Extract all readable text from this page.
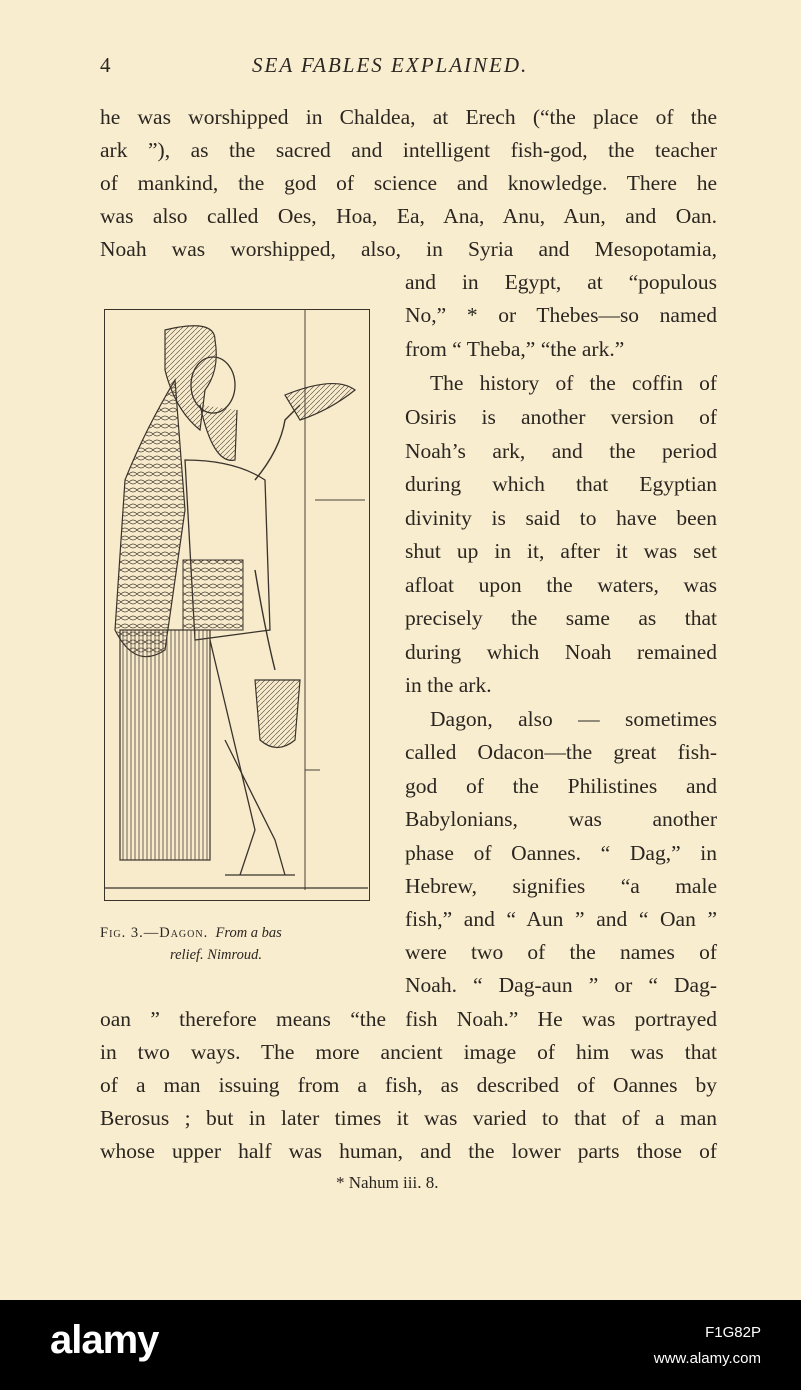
4	SEA FABLES EXPLAINED.
he was worshipped in Chaldea, at Erech (“the place of the
ark ”), as the sacred and intelligent fish-god, the teacher
of mankind, the god of science and knowledge. There he
was also called Oes, Hoa, Ea, Ana, Anu, Aun, and Oan.
Noah was worshipped, also, in Syria and Mesopotamia,
and in Egypt, at “populous
No,” * or Thebes—so named
from “ Theba,” “the ark.”
The history of the coffin of
Osiris is another version of
Noah’s ark, and the period
during which that Egyptian
divinity is said to have been
shut up in it, after it was set
afloat upon the waters, was
precisely the same as that
during which Noah remained
in the ark.
Dagon, also — sometimes
called Odacon—the great fish-
god of the Philistines and
Babylonians, was another
phase of Oannes. “ Dag,” in
Hebrew, signifies “a male
fish,” and “ Aun ” and “ Oan ”
were two of the names of
Noah. “ Dag-aun ” or “ Dag-
oan ” therefore means “the fish Noah.” He was portrayed
in two ways. The more ancient image of him was that
of a man issuing from a fish, as described of Oannes by
Berosus ; but in later times it was varied to that of a man
whose upper half was human, and the lower parts those of
Fig. 3.—Dagon. From a bas
relief. Nimroud.
* Nahum iii. 8.
alamy	F1G82P
www.alamy.com
